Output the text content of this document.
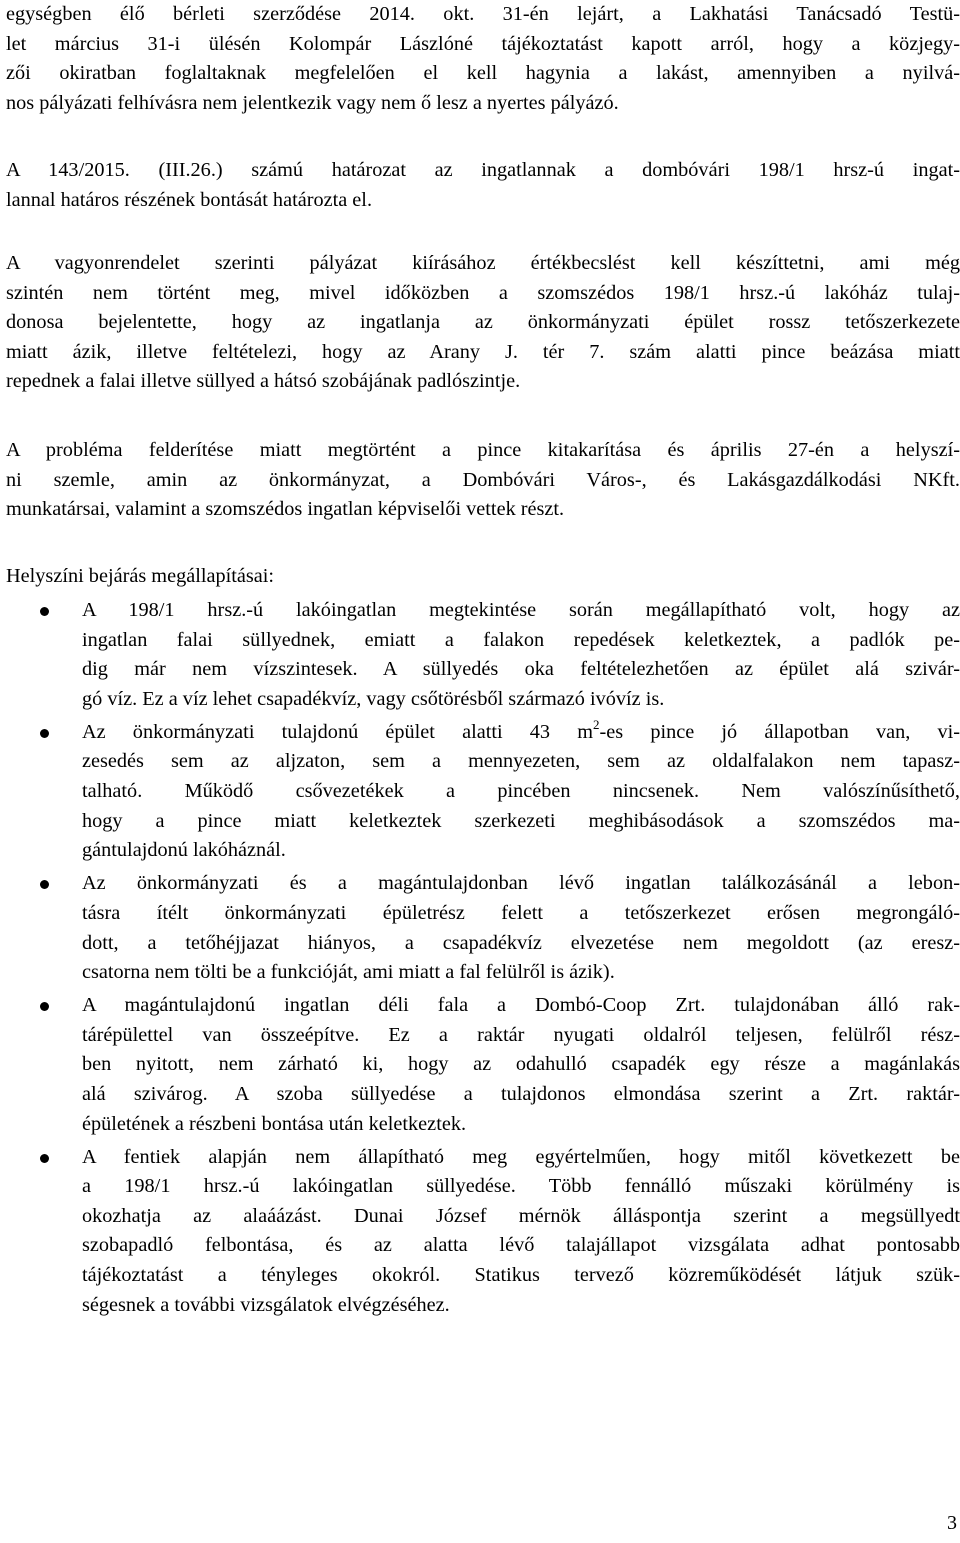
egységben élő bérleti szerződése 2014. okt. 31-én lejárt, a Lakhatási Tanácsadó Testü-
let március 31-i ülésén Kolompár Lászlóné tájékoztatást kapott arról, hogy a közjegy-
zői okiratban foglaltaknak megfelelően el kell hagynia a lakást, amennyiben a nyilvá-
nos pályázati felhívásra nem jelentkezik vagy nem ő lesz a nyertes pályázó.
A 143/2015. (III.26.) számú határozat az ingatlannak a dombóvári 198/1 hrsz-ú ingat-
lannal határos részének bontását határozta el.
A vagyonrendelet szerinti pályázat kiírásához értékbecslést kell készíttetni, ami még
szintén nem történt meg, mivel időközben a szomszédos 198/1 hrsz.-ú lakóház tulaj-
donosa bejelentette, hogy az ingatlanja az önkormányzati épület rossz tetőszerkezete
miatt ázik, illetve feltételezi, hogy az Arany J. tér 7. szám alatti pince beázása miatt
repednek a falai illetve süllyed a hátsó szobájának padlószintje.
A probléma felderítése miatt megtörtént a pince kitakarítása és április 27-én a helyszí-
ni szemle, amin az önkormányzat, a Dombóvári Város-, és Lakásgazdálkodási NKft.
munkatársai, valamint a szomszédos ingatlan képviselői vettek részt.
Helyszíni bejárás megállapításai:
A 198/1 hrsz.-ú lakóingatlan megtekintése során megállapítható volt, hogy az
ingatlan falai süllyednek, emiatt a falakon repedések keletkeztek, a padlók pe-
dig már nem vízszintesek. A süllyedés oka feltételezhetően az épület alá szivár-
gó víz. Ez a víz lehet csapadékvíz, vagy csőtörésből származó ivóvíz is.
Az önkormányzati tulajdonú épület alatti 43 $m^2-es$ pince jó állapotban van, vi-
zesedés sem az aljzaton, sem a mennyezeten, sem az oldalfalakon nem tapasz-
talható. Működő csővezetékek a pincében nincsenek. Nem valószínűsíthető,
hogy a pince miatt keletkeztek szerkezeti meghibásodások a szomszédos ma-
gántulajdonú lakóháznál.
Az önkormányzati és a magántulajdonban lévő ingatlan találkozásánál a lebon-
tásra ítélt önkormányzati épületrész felett a tetőszerkezet erősen megrongáló-
dott, a tetőhéjjazat hiányos, a csapadékvíz elvezetése nem megoldott (az eresz-
csatorna nem tölti be a funkcióját, ami miatt a fal felülről is ázik).
A magántulajdonú ingatlan déli fala a Dombó-Coop Zrt. tulajdonában álló rak-
tárépülettel van összeépítve. Ez a raktár nyugati oldalról teljesen, felülről rész-
ben nyitott, nem zárható ki, hogy az odahulló csapadék egy része a magánlakás
alá szivárog. A szoba süllyedése a tulajdonos elmondása szerint a Zrt. raktár-
épületének a részbeni bontása után keletkeztek.
A fentiek alapján nem állapítható meg egyértelműen, hogy mitől következett be
a 198/1 hrsz.-ú lakóingatlan süllyedése. Több fennálló műszaki körülmény is
okozhatja az alaáázást. Dunai József mérnök álláspontja szerint a megsüllyedt
szobapadló felbontása, és az alatta lévő talajállapot vizsgálata adhat pontosabb
tájékoztatást a tényleges okokról. Statikus tervező közreműködését látjuk szük-
ségesnek a további vizsgálatok elvégzéséhez.
3
